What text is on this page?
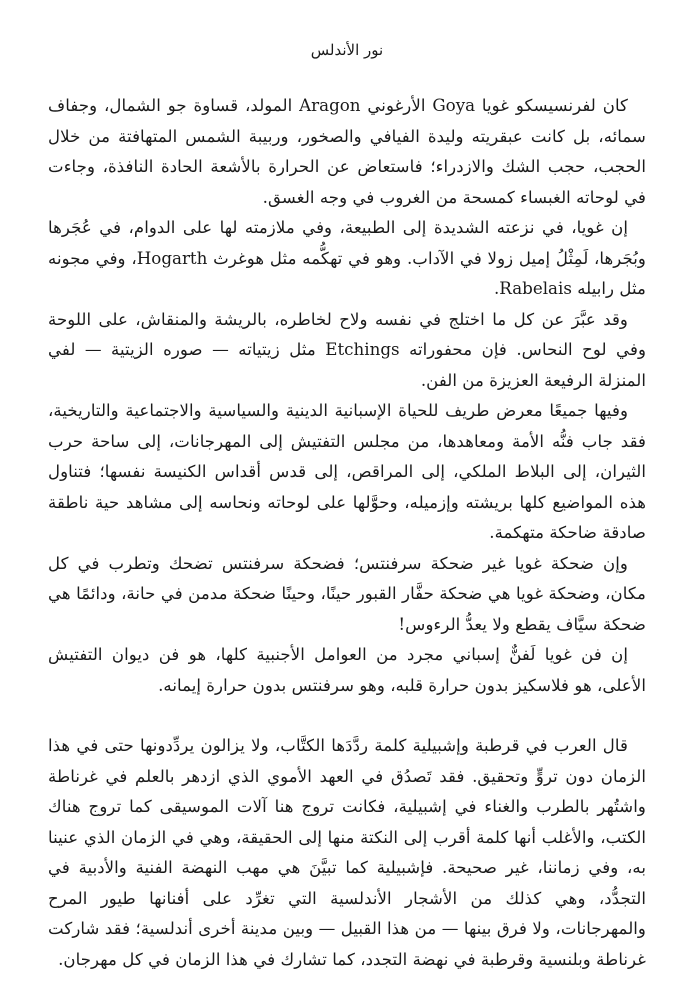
نور الأندلس

كان لفرنسيسكو غويا Goya الأرغوني Aragon المولد، قساوة جو الشمال، وجفاف سمائه، بل كانت عبقريته وليدة الفيافي والصخور، وربيبة الشمس المتهافتة من خلال الحجب، حجب الشك والازدراء؛ فاستعاض عن الحرارة بالأشعة الحادة النافذة، وجاءت في لوحاته الغبساء كمسحة من الغروب في وجه الغسق.

إن غويا، في نزعته الشديدة إلى الطبيعة، وفي ملازمته لها على الدوام، في عُجَرها وبُجَرها، لَمِثْلُ إميل زولا في الآداب. وهو في تهكُّمه مثل هوغرث Hogarth، وفي مجونه مثل رابيله Rabelais.

وقد عبَّرَ عن كل ما اختلج في نفسه ولاح لخاطره، بالريشة والمنقاش، على اللوحة وفي لوح النحاس. فإن محفوراته Etchings مثل زيتياته — صوره الزيتية — لفي المنزلة الرفيعة العزيزة من الفن.

وفيها جميعًا معرض طريف للحياة الإسبانية الدينية والسياسية والاجتماعية والتاريخية، فقد جاب فنُّه الأمة ومعاهدها، من مجلس التفتيش إلى المهرجانات، إلى ساحة حرب الثيران، إلى البلاط الملكي، إلى المراقص، إلى قدس أقداس الكنيسة نفسها؛ فتناول هذه المواضيع كلها بريشته وإزميله، وحوَّلها على لوحاته ونحاسه إلى مشاهد حية ناطقة صادقة ضاحكة متهكمة.

وإن ضحكة غويا غير ضحكة سرفنتس؛ فضحكة سرفنتس تضحك وتطرب في كل مكان، وضحكة غويا هي ضحكة حفَّار القبور حينًا، وحينًا ضحكة مدمن في حانة، ودائمًا هي ضحكة سيَّاف يقطع ولا يعدُّ الرءوس!

إن فن غويا لَفنٌّ إسباني مجرد من العوامل الأجنبية كلها، هو فن ديوان التفتيش الأعلى، هو فلاسكيز بدون حرارة قلبه، وهو سرفنتس بدون حرارة إيمانه.

قال العرب في قرطبة وإشبيلية كلمة ردَّدَها الكتَّاب، ولا يزالون يردِّدونها حتى في هذا الزمان دون تروٍّ وتحقيق. فقد تَصدُق في العهد الأموي الذي ازدهر بالعلم في غرناطة واشتُهر بالطرب والغناء في إشبيلية، فكانت تروج هنا آلات الموسيقى كما تروج هناك الكتب، والأغلب أنها كلمة أقرب إلى النكتة منها إلى الحقيقة، وهي في الزمان الذي عنينا به، وفي زماننا، غير صحيحة. فإشبيلية كما تبيَّنَ هي مهب النهضة الفنية والأدبية في التجدُّد، وهي كذلك من الأشجار الأندلسية التي تغرِّد على أفنانها طيور المرح والمهرجانات، ولا فرق بينها — من هذا القبيل — وبين مدينة أخرى أندلسية؛ فقد شاركت غرناطة وبلنسية وقرطبة في نهضة التجدد، كما تشارك في هذا الزمان في كل مهرجان.
